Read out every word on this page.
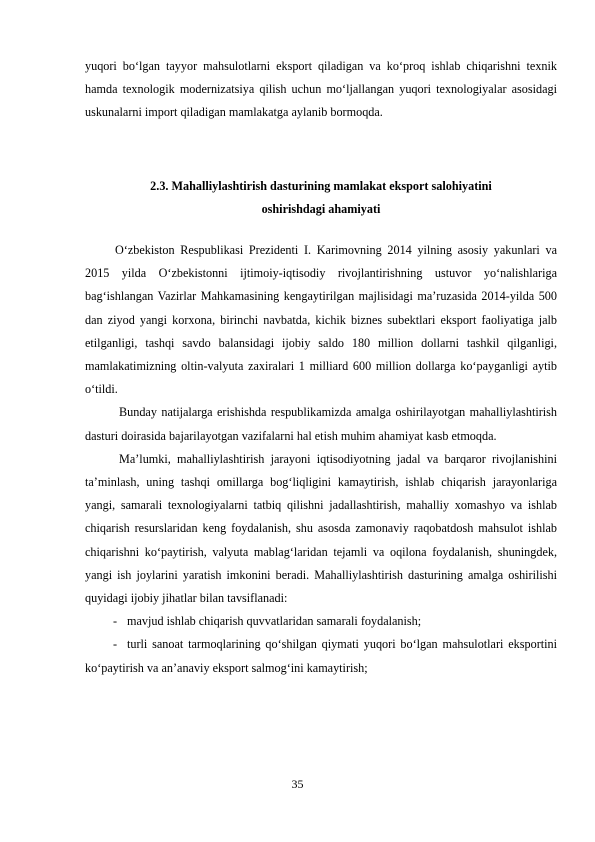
yuqori bo‘lgan tayyor mahsulotlarni eksport qiladigan va ko‘proq ishlab chiqarishni texnik hamda texnologik modernizatsiya qilish uchun mo‘ljallangan yuqori texnologiyalar asosidagi uskunalarni import qiladigan mamlakatga aylanib bormoqda.

2.3. Mahalliylashtirish dasturining mamlakat eksport salohiyatini
oshirishdagi ahamiyati

O‘zbekiston Respublikasi Prezidenti I. Karimovning 2014 yilning asosiy yakunlari va 2015 yilda O‘zbekistonni ijtimoiy-iqtisodiy rivojlantirishning ustuvor yo‘nalishlariga bag‘ishlangan Vazirlar Mahkamasining kengaytirilgan majlisidagi ma’ruzasida 2014-yilda 500 dan ziyod yangi korxona, birinchi navbatda, kichik biznes subektlari eksport faoliyatiga jalb etilganligi, tashqi savdo balansidagi ijobiy saldo 180 million dollarni tashkil qilganligi, mamlakatimizning oltin-valyuta zaxiralari 1 milliard 600 million dollarga ko‘payganligi aytib o‘tildi.

Bunday natijalarga erishishda respublikamizda amalga oshirilayotgan mahalliylashtirish dasturi doirasida bajarilayotgan vazifalarni hal etish muhim ahamiyat kasb etmoqda.

Ma’lumki, mahalliylashtirish jarayoni iqtisodiyotning jadal va barqaror rivojlanishini ta’minlash, uning tashqi omillarga bog‘liqligini kamaytirish, ishlab chiqarish jarayonlariga yangi, samarali texnologiyalarni tatbiq qilishni jadallashtirish, mahalliy xomashyo va ishlab chiqarish resurslaridan keng foydalanish, shu asosda zamonaviy raqobatdosh mahsulot ishlab chiqarishni ko‘paytirish, valyuta mablag‘laridan tejamli va oqilona foydalanish, shuningdek, yangi ish joylarini yaratish imkonini beradi. Mahalliylashtirish dasturining amalga oshirilishi quyidagi ijobiy jihatlar bilan tavsiflanadi:

- mavjud ishlab chiqarish quvvatlaridan samarali foydalanish;
- turli sanoat tarmoqlarining qo‘shilgan qiymati yuqori bo‘lgan mahsulotlari eksportini ko‘paytirish va an’anaviy eksport salmog‘ini kamaytirish;
35
